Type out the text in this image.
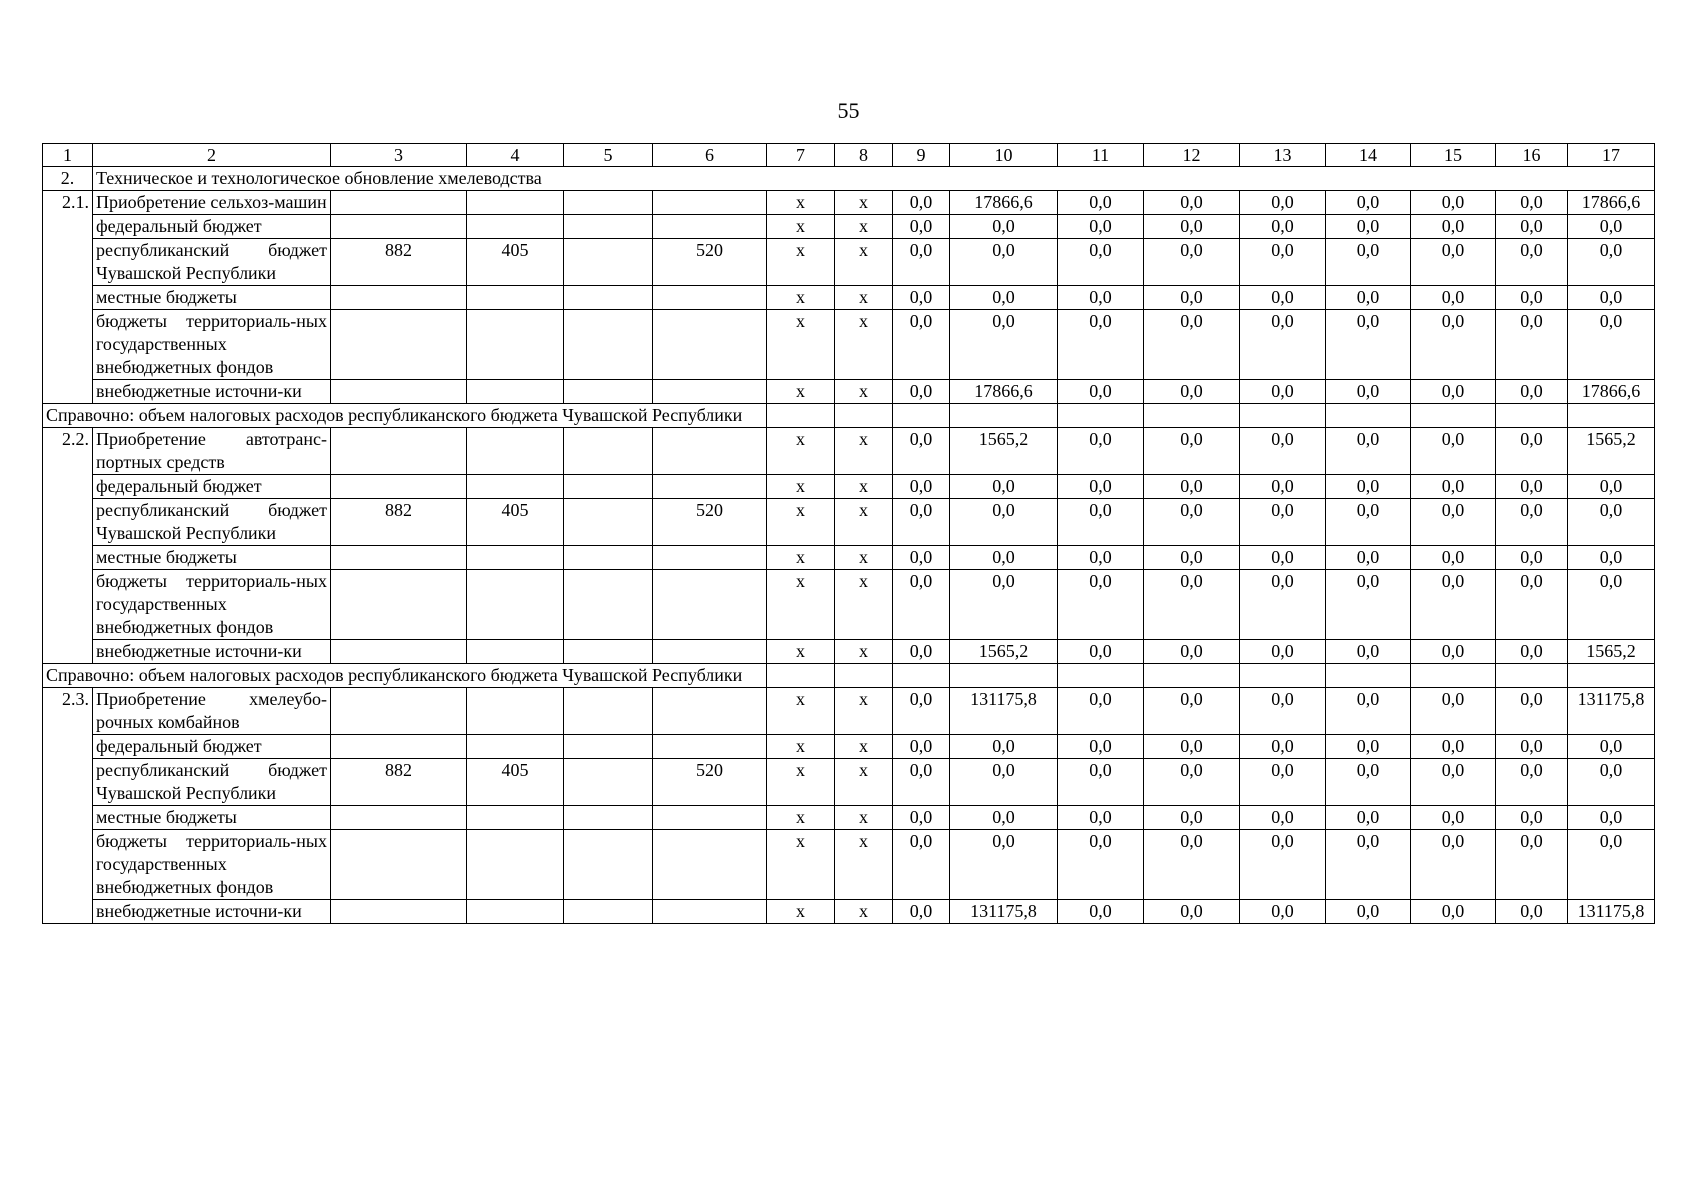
55
1	2	3	4	5	6	7	8	9	10	11	12	13	14	15	16	17
2.	Техническое и технологическое обновление хмелеводства															
2.1.	Приобретение сельхоз-машин					х	х	0,0	17866,6	0,0	0,0	0,0	0,0	0,0	0,0	17866,6
	федеральный бюджет					х	х	0,0	0,0	0,0	0,0	0,0	0,0	0,0	0,0	0,0
	республиканский бюджет Чувашской Республики	882	405		520	х	х	0,0	0,0	0,0	0,0	0,0	0,0	0,0	0,0	0,0
	местные бюджеты					х	х	0,0	0,0	0,0	0,0	0,0	0,0	0,0	0,0	0,0
	бюджеты территориаль-ных государственных внебюджетных фондов					х	х	0,0	0,0	0,0	0,0	0,0	0,0	0,0	0,0	0,0
	внебюджетные источни-ки					х	х	0,0	17866,6	0,0	0,0	0,0	0,0	0,0	0,0	17866,6
Справочно: объем налоговых расходов республиканского бюджета Чувашской Республики																
2.2.	Приобретение автотранс-портных средств					х	х	0,0	1565,2	0,0	0,0	0,0	0,0	0,0	0,0	1565,2
	федеральный бюджет					х	х	0,0	0,0	0,0	0,0	0,0	0,0	0,0	0,0	0,0
	республиканский бюджет Чувашской Республики	882	405		520	х	х	0,0	0,0	0,0	0,0	0,0	0,0	0,0	0,0	0,0
	местные бюджеты					х	х	0,0	0,0	0,0	0,0	0,0	0,0	0,0	0,0	0,0
	бюджеты территориаль-ных государственных внебюджетных фондов					х	х	0,0	0,0	0,0	0,0	0,0	0,0	0,0	0,0	0,0
	внебюджетные источни-ки					х	х	0,0	1565,2	0,0	0,0	0,0	0,0	0,0	0,0	1565,2
Справочно: объем налоговых расходов республиканского бюджета Чувашской Республики																
2.3.	Приобретение хмелеубо-рочных комбайнов					х	х	0,0	131175,8	0,0	0,0	0,0	0,0	0,0	0,0	131175,8
	федеральный бюджет					х	х	0,0	0,0	0,0	0,0	0,0	0,0	0,0	0,0	0,0
	республиканский бюджет Чувашской Республики	882	405		520	х	х	0,0	0,0	0,0	0,0	0,0	0,0	0,0	0,0	0,0
	местные бюджеты					х	х	0,0	0,0	0,0	0,0	0,0	0,0	0,0	0,0	0,0
	бюджеты территориаль-ных государственных внебюджетных фондов					х	х	0,0	0,0	0,0	0,0	0,0	0,0	0,0	0,0	0,0
	внебюджетные источни-ки					х	х	0,0	131175,8	0,0	0,0	0,0	0,0	0,0	0,0	131175,8
